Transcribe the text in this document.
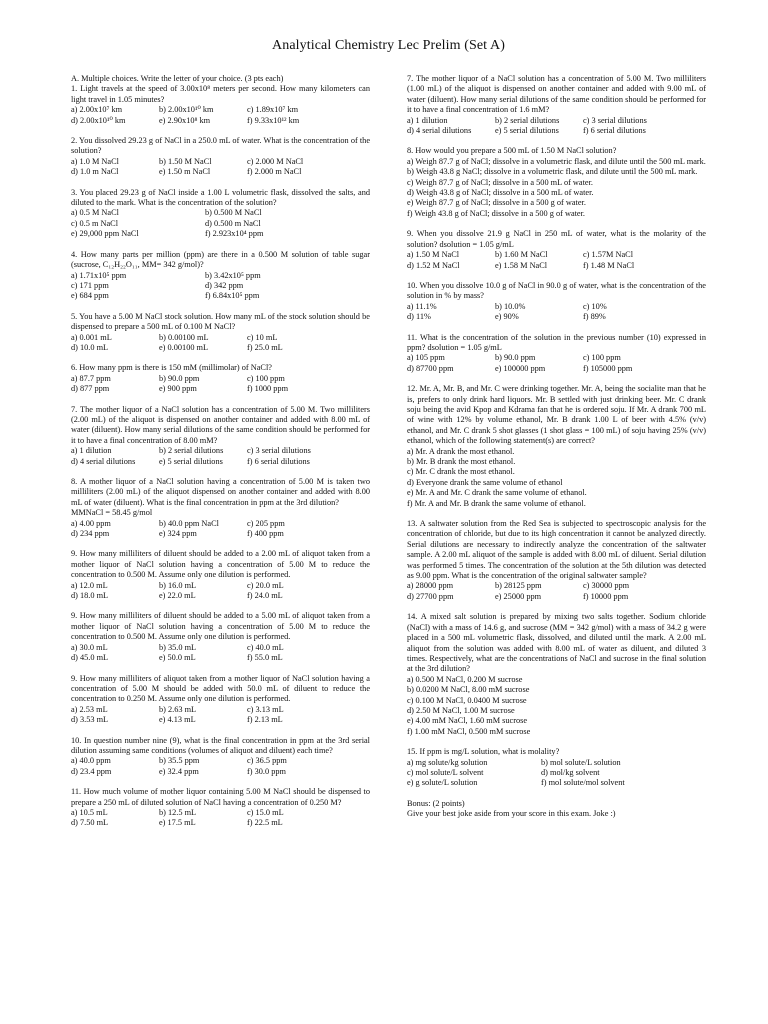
Analytical Chemistry Lec Prelim (Set A)

A. Multiple choices. Write the letter of your choice. (3 pts each)

1. Light travels at the speed of 3.00x10⁸ meters per second. How many kilometers can light travel in 1.05 minutes?

a) 2.00x10⁷ km	b) 2.00x10¹⁰ km	c) 1.89x10⁷ km
d) 2.00x10¹⁰ km	e) 2.90x10⁸ km	f) 9.33x10¹² km

2. You dissolved 29.23 g of NaCl in a 250.0 mL of water. What is the concentration of the solution?

a) 1.0 M NaCl	b) 1.50 M NaCl	c) 2.000 M NaCl
d) 1.0 m NaCl	e) 1.50 m NaCl	f) 2.000 m NaCl

3. You placed 29.23 g of NaCl inside a 1.00 L volumetric flask, dissolved the salts, and diluted to the mark. What is the concentration of the solution?

a) 0.5 M NaCl	b) 0.500 M NaCl
c) 0.5 m NaCl	d) 0.500 m NaCl
e) 29,000 ppm NaCl	f) 2.923x10⁴ ppm

4. How many parts per million (ppm) are there in a 0.500 M solution of table sugar (sucrose, C₁₂H₂₂O₁₁, MM= 342 g/mol)?

a) 1.71x10⁵ ppm	b) 3.42x10⁵ ppm
c) 171 ppm	d) 342 ppm
e) 684 ppm	f) 6.84x10⁵ ppm

5. You have a 5.00 M NaCl stock solution. How many mL of the stock solution should be dispensed to prepare a 500 mL of 0.100 M NaCl?

a) 0.001 mL	b) 0.00100 mL	c) 10 mL
d) 10.0 mL	e) 0.00100 mL	f) 25.0 mL

6. How many ppm is there is 150 mM (millimolar) of NaCl?

a) 87.7 ppm	b) 90.0 ppm	c) 100 ppm
d) 877 ppm	e) 900 ppm	f) 1000 ppm

7. The mother liquor of a NaCl solution has a concentration of 5.00 M. Two milliliters (2.00 mL) of the aliquot is dispensed on another container and added with 8.00 mL of water (diluent). How many serial dilutions of the same condition should be performed for it to have a final concentration of 8.00 mM?

a) 1 dilution	b) 2 serial dilutions	c) 3 serial dilutions
d) 4 serial dilutions	e) 5 serial dilutions	f) 6 serial dilutions

8. A mother liquor of a NaCl solution having a concentration of 5.00 M is taken two milliliters (2.00 mL) of the aliquot dispensed on another container and added with 8.00 mL of water (diluent). What is the final concentration in ppm at the 3rd dilution?

MMNaCl = 58.45 g/mol

a) 4.00 ppm	b) 40.0 ppm NaCl	c) 205 ppm
d) 234 ppm	e) 324 ppm	f) 400 ppm

9. How many milliliters of diluent should be added to a 2.00 mL of aliquot taken from a mother liquor of NaCl solution having a concentration of 5.00 M to reduce the concentration to 0.500 M. Assume only one dilution is performed.

a) 12.0 mL	b) 16.0 mL	c) 20.0 mL
d) 18.0 mL	e) 22.0 mL	f) 24.0 mL

9. How many milliliters of diluent should be added to a 5.00 mL of aliquot taken from a mother liquor of NaCl solution having a concentration of 5.00 M to reduce the concentration to 0.500 M. Assume only one dilution is performed.

a) 30.0 mL	b) 35.0 mL	c) 40.0 mL
d) 45.0 mL	e) 50.0 mL	f) 55.0 mL

9. How many milliliters of aliquot taken from a mother liquor of NaCl solution having a concentration of 5.00 M should be added with 50.0 mL of diluent to reduce the concentration to 0.250 M. Assume only one dilution is performed.

a) 2.53 mL	b) 2.63 mL	c) 3.13 mL
d) 3.53 mL	e) 4.13 mL	f) 2.13 mL

10. In question number nine (9), what is the final concentration in ppm at the 3rd serial dilution assuming same conditions (volumes of aliquot and diluent) each time?

a) 40.0 ppm	b) 35.5 ppm	c) 36.5 ppm
d) 23.4 ppm	e) 32.4 ppm	f) 30.0 ppm

11. How much volume of mother liquor containing 5.00 M NaCl should be dispensed to prepare a 250 mL of diluted solution of NaCl having a concentration of 0.250 M?

a) 10.5 mL	b) 12.5 mL	c) 15.0 mL
d) 7.50 mL	e) 17.5 mL	f) 22.5 mL

7. The mother liquor of a NaCl solution has a concentration of 5.00 M. Two milliliters (1.00 mL) of the aliquot is dispensed on another container and added with 9.00 mL of water (diluent). How many serial dilutions of the same condition should be performed for it to have a final concentration of 1.6 mM?

a) 1 dilution	b) 2 serial dilutions	c) 3 serial dilutions
d) 4 serial dilutions	e) 5 serial dilutions	f) 6 serial dilutions

8. How would you prepare a 500 mL of 1.50 M NaCl solution?

a) Weigh 87.7 g of NaCl; dissolve in a volumetric flask, and dilute until the 500 mL mark.
b) Weigh 43.8 g NaCl; dissolve in a volumetric flask, and dilute until the 500 mL mark.
c) Weigh 87.7 g of NaCl; dissolve in a 500 mL of water.
d) Weigh 43.8 g of NaCl; dissolve in a 500 mL of water.
e) Weigh 87.7 g of NaCl; dissolve in a 500 g of water.
f) Weigh 43.8 g of NaCl; dissolve in a 500 g of water.

9. When you dissolve 21.9 g NaCl in 250 mL of water, what is the molarity of the solution? dsolution = 1.05 g/mL

a) 1.50 M NaCl	b) 1.60 M NaCl	c) 1.57M NaCl
d) 1.52 M NaCl	e) 1.58 M NaCl	f) 1.48 M NaCl

10. When you dissolve 10.0 g of NaCl in 90.0 g of water, what is the concentration of the solution in % by mass?

a) 11.1%	b) 10.0%	c) 10%
d) 11%	e) 90%	f) 89%

11. What is the concentration of the solution in the previous number (10) expressed in ppm? dsolution = 1.05 g/mL

a) 105 ppm	b) 90.0 ppm	c) 100 ppm
d) 87700 ppm	e) 100000 ppm	f) 105000 ppm

12. Mr. A, Mr. B, and Mr. C were drinking together. Mr. A, being the socialite man that he is, prefers to only drink hard liquors. Mr. B settled with just drinking beer. Mr. C drank soju being the avid Kpop and Kdrama fan that he is ordered soju. If Mr. A drank 700 mL of wine with 12% by volume ethanol, Mr. B drank 1.00 L of beer with 4.5% (v/v) ethanol, and Mr. C drank 5 shot glasses (1 shot glass = 100 mL) of soju having 25% (v/v) ethanol, which of the following statement(s) are correct?

a) Mr. A drank the most ethanol.
b) Mr. B drank the most ethanol.
c) Mr. C drank the most ethanol.
d) Everyone drank the same volume of ethanol
e) Mr. A and Mr. C drank the same volume of ethanol.
f) Mr. A and Mr. B drank the same volume of ethanol.

13. A saltwater solution from the Red Sea is subjected to spectroscopic analysis for the concentration of chloride, but due to its high concentration it cannot be analyzed directly. Serial dilutions are necessary to indirectly analyze the concentration of the saltwater sample. A 2.00 mL aliquot of the sample is added with 8.00 mL of diluent. Serial dilution was performed 5 times. The concentration of the solution at the 5th dilution was detected as 9.00 ppm. What is the concentration of the original saltwater sample?

a) 28000 ppm	b) 28125 ppm	c) 30000 ppm
d) 27700 ppm	e) 25000 ppm	f) 10000 ppm

14. A mixed salt solution is prepared by mixing two salts together. Sodium chloride (NaCl) with a mass of 14.6 g, and sucrose (MM = 342 g/mol) with a mass of 34.2 g were placed in a 500 mL volumetric flask, dissolved, and diluted until the mark. A 2.00 mL aliquot from the solution was added with 8.00 mL of water as diluent, and diluted 3 times. Respectively, what are the concentrations of NaCl and sucrose in the final solution at the 3rd dilution?

a) 0.500 M NaCl, 0.200 M sucrose
b) 0.0200 M NaCl, 8.00 mM sucrose
c) 0.100 M NaCl, 0.0400 M sucrose
d) 2.50 M NaCl, 1.00 M sucrose
e) 4.00 mM NaCl, 1.60 mM sucrose
f) 1.00 mM NaCl, 0.500 mM sucrose

15. If ppm is mg/L solution, what is molality?

a) mg solute/kg solution	b) mol solute/L solution
c) mol solute/L solvent	d) mol/kg solvent
e) g solute/L solution	f) mol solute/mol solvent

Bonus: (2 points)

Give your best joke aside from your score in this exam. Joke :)
